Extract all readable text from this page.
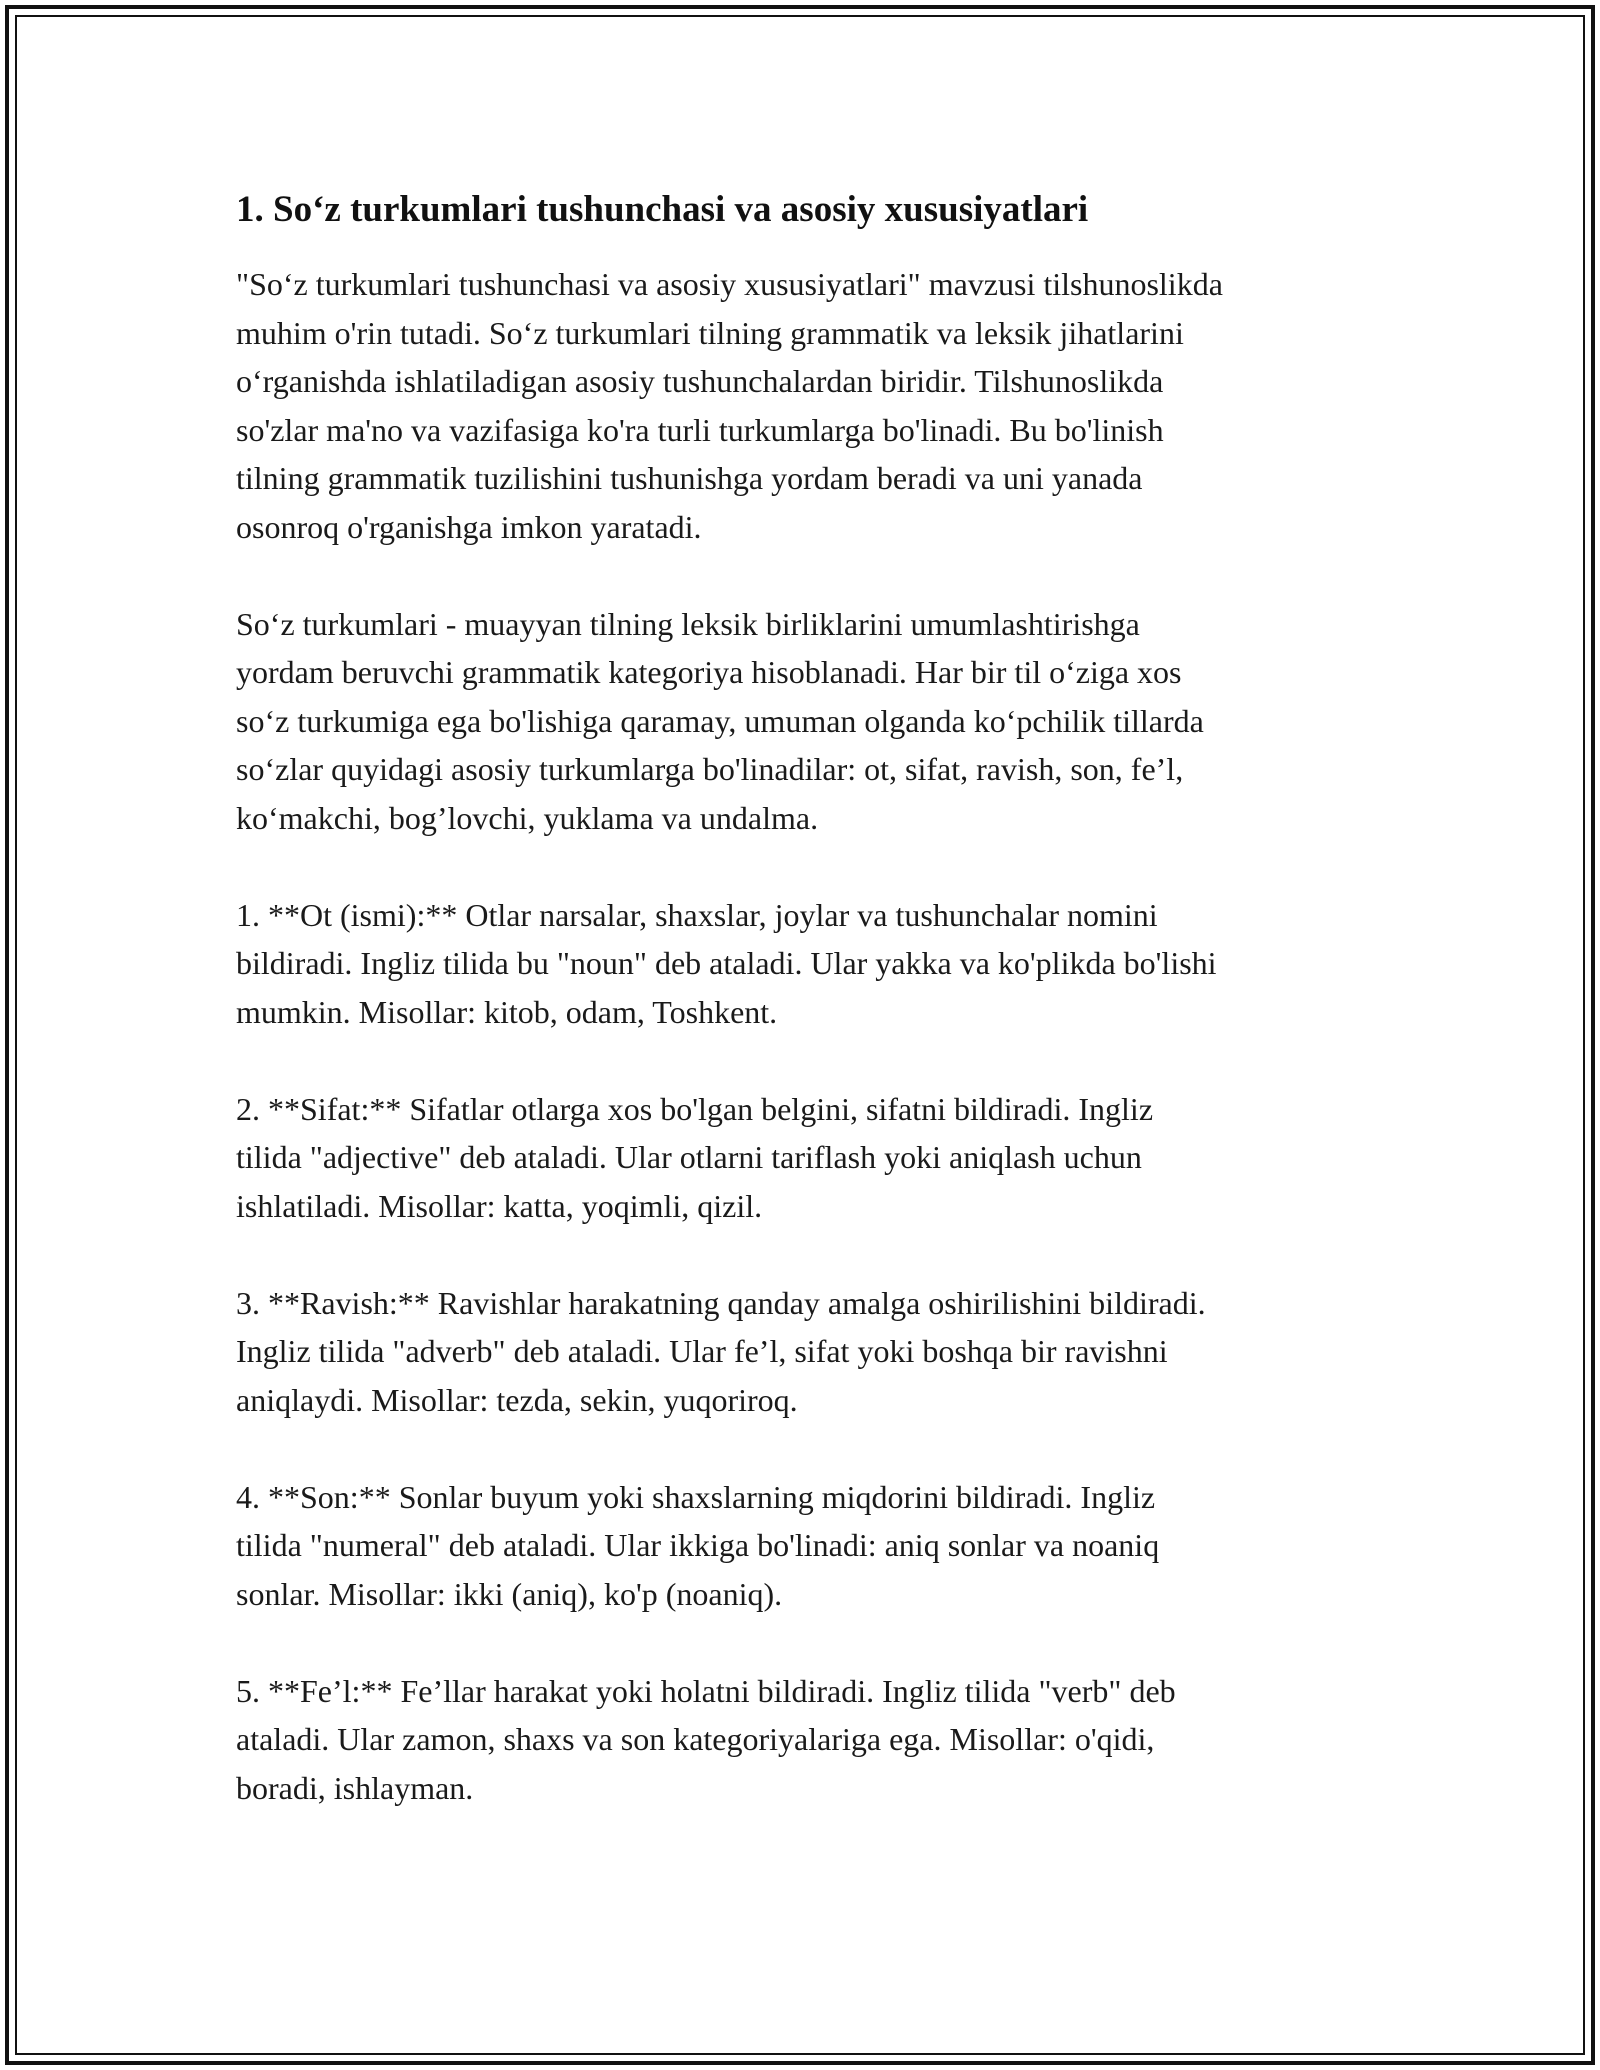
1. So‘z turkumlari tushunchasi va asosiy xususiyatlari

"So‘z turkumlari tushunchasi va asosiy xususiyatlari" mavzusi tilshunoslikda
muhim o'rin tutadi. So‘z turkumlari tilning grammatik va leksik jihatlarini
o‘rganishda ishlatiladigan asosiy tushunchalardan biridir. Tilshunoslikda
so'zlar ma'no va vazifasiga ko'ra turli turkumlarga bo'linadi. Bu bo'linish
tilning grammatik tuzilishini tushunishga yordam beradi va uni yanada
osonroq o'rganishga imkon yaratadi.

So‘z turkumlari - muayyan tilning leksik birliklarini umumlashtirishga
yordam beruvchi grammatik kategoriya hisoblanadi. Har bir til o‘ziga xos
so‘z turkumiga ega bo'lishiga qaramay, umuman olganda ko‘pchilik tillarda
so‘zlar quyidagi asosiy turkumlarga bo'linadilar: ot, sifat, ravish, son, fe’l,
ko‘makchi, bog’lovchi, yuklama va undalma.

1. **Ot (ismi):** Otlar narsalar, shaxslar, joylar va tushunchalar nomini
bildiradi. Ingliz tilida bu "noun" deb ataladi. Ular yakka va ko'plikda bo'lishi
mumkin. Misollar: kitob, odam, Toshkent.

2. **Sifat:** Sifatlar otlarga xos bo'lgan belgini, sifatni bildiradi. Ingliz
tilida "adjective" deb ataladi. Ular otlarni tariflash yoki aniqlash uchun
ishlatiladi. Misollar: katta, yoqimli, qizil.

3. **Ravish:** Ravishlar harakatning qanday amalga oshirilishini bildiradi.
Ingliz tilida "adverb" deb ataladi. Ular fe’l, sifat yoki boshqa bir ravishni
aniqlaydi. Misollar: tezda, sekin, yuqoriroq.

4. **Son:** Sonlar buyum yoki shaxslarning miqdorini bildiradi. Ingliz
tilida "numeral" deb ataladi. Ular ikkiga bo'linadi: aniq sonlar va noaniq
sonlar. Misollar: ikki (aniq), ko'p (noaniq).

5. **Fe’l:** Fe’llar harakat yoki holatni bildiradi. Ingliz tilida "verb" deb
ataladi. Ular zamon, shaxs va son kategoriyalariga ega. Misollar: o'qidi,
boradi, ishlayman.
